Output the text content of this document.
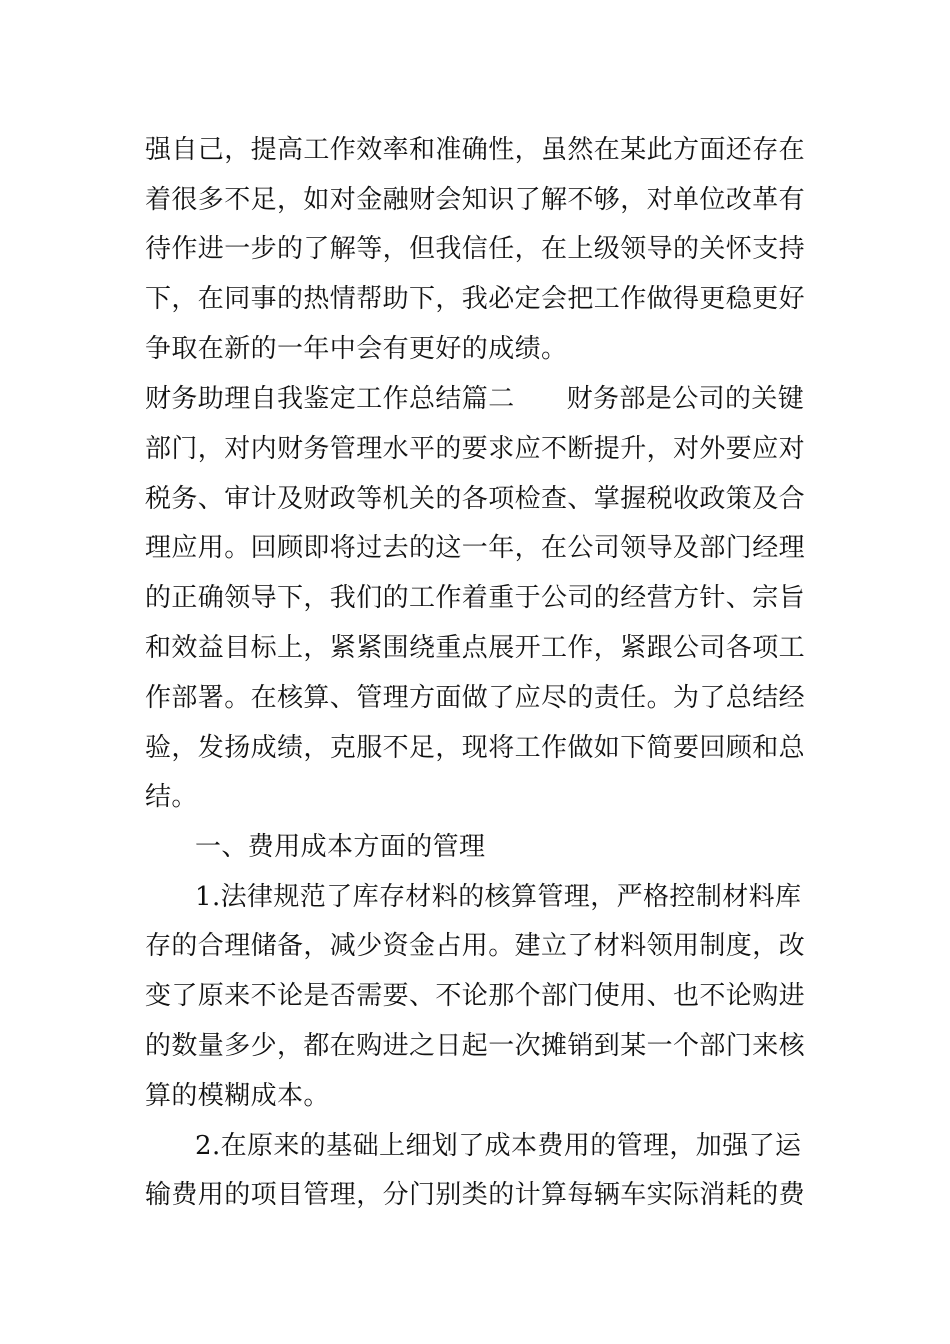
强自己，提高工作效率和准确性，虽然在某此方面还存在
着很多不足，如对金融财会知识了解不够，对单位改革有
待作进一步的了解等，但我信任，在上级领导的关怀支持
下，在同事的热情帮助下，我必定会把工作做得更稳更好
争取在新的一年中会有更好的成绩。
财务助理自我鉴定工作总结篇二 财务部是公司的关键
部门，对内财务管理水平的要求应不断提升，对外要应对
税务、审计及财政等机关的各项检查、掌握税收政策及合
理应用。回顾即将过去的这一年，在公司领导及部门经理
的正确领导下，我们的工作着重于公司的经营方针、宗旨
和效益目标上，紧紧围绕重点展开工作，紧跟公司各项工
作部署。在核算、管理方面做了应尽的责任。为了总结经
验，发扬成绩，克服不足，现将工作做如下简要回顾和总
结。
一、费用成本方面的管理
1.法律规范了库存材料的核算管理，严格控制材料库
存的合理储备，减少资金占用。建立了材料领用制度，改
变了原来不论是否需要、不论那个部门使用、也不论购进
的数量多少，都在购进之日起一次摊销到某一个部门来核
算的模糊成本。
2.在原来的基础上细划了成本费用的管理，加强了运
输费用的项目管理，分门别类的计算每辆车实际消耗的费
